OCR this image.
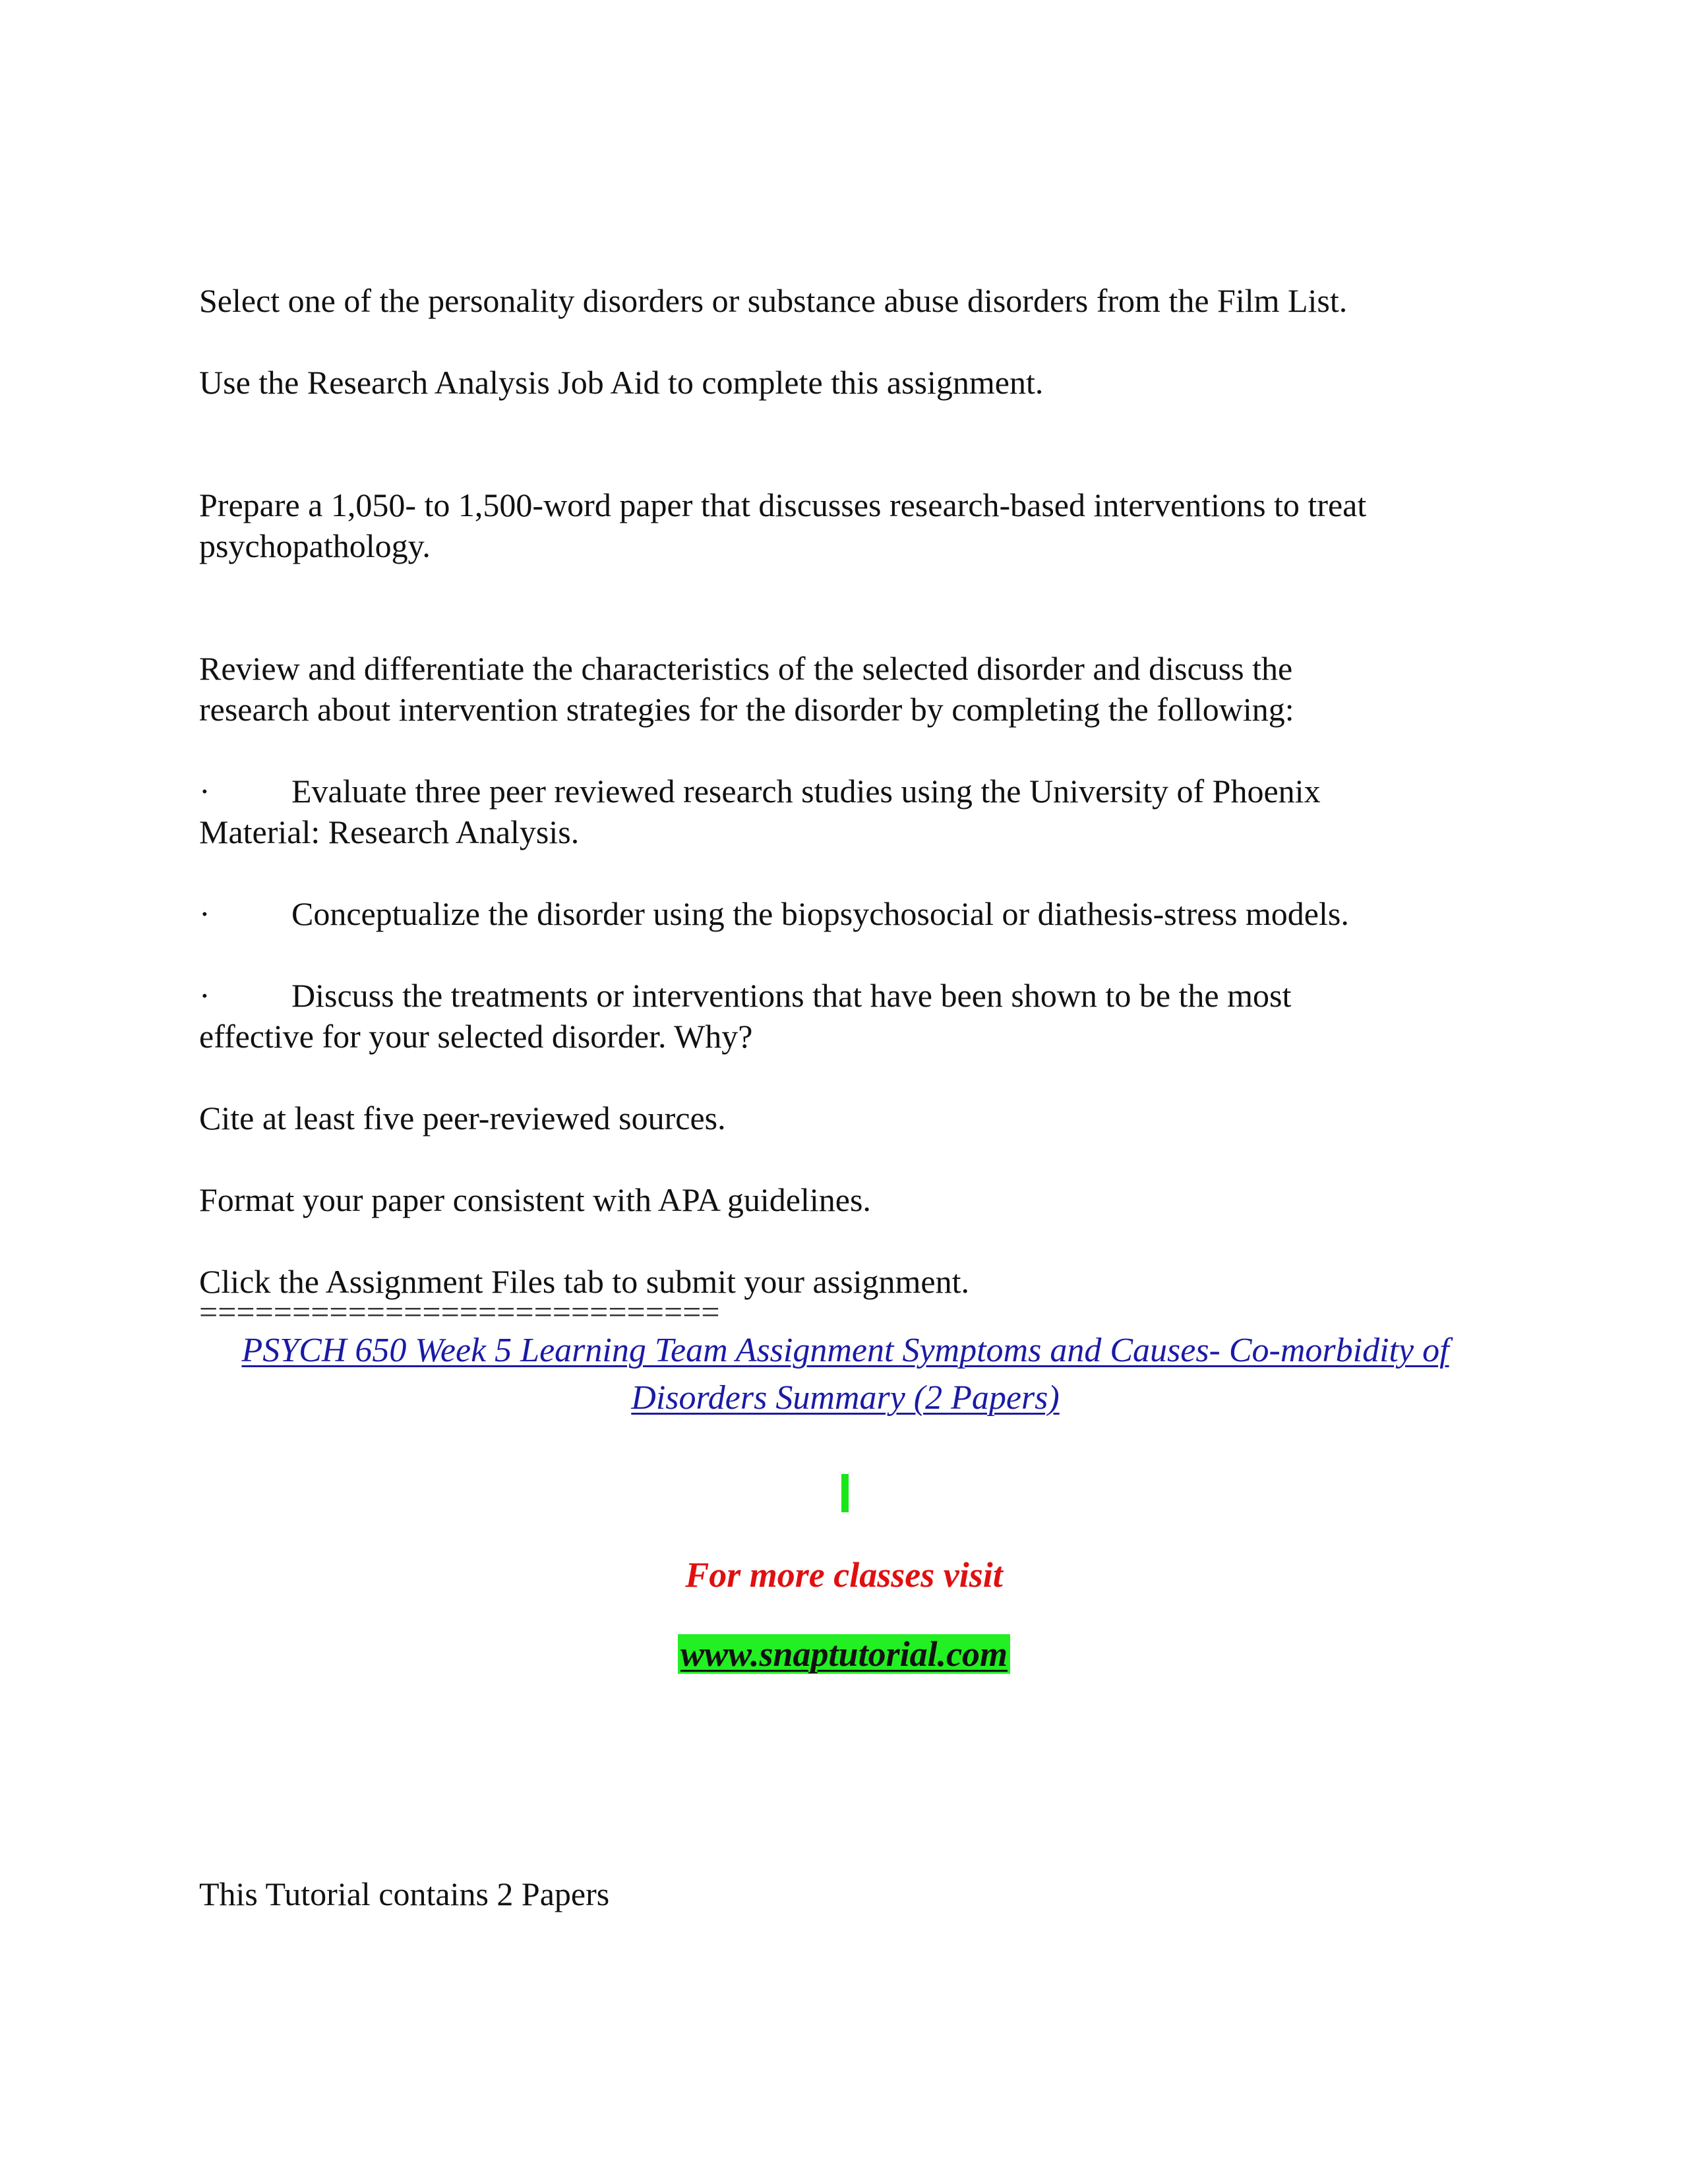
Select one of the personality disorders or substance abuse disorders from the Film List.

Use the Research Analysis Job Aid to complete this assignment.

Prepare a 1,050- to 1,500-word paper that discusses research-based interventions to treat

psychopathology.

Review and differentiate the characteristics of the selected disorder and discuss the

research about intervention strategies for the disorder by completing the following:

· Evaluate three peer reviewed research studies using the University of Phoenix

Material: Research Analysis.

· Conceptualize the disorder using the biopsychosocial or diathesis-stress models.

· Discuss the treatments or interventions that have been shown to be the most

effective for your selected disorder. Why?

Cite at least five peer-reviewed sources.

Format your paper consistent with APA guidelines.

Click the Assignment Files tab to submit your assignment.

============================

PSYCH 650 Week 5 Learning Team Assignment Symptoms and Causes- Co-morbidity of
Disorders Summary (2 Papers)
For more classes visit
www.snaptutorial.com
This Tutorial contains 2 Papers
